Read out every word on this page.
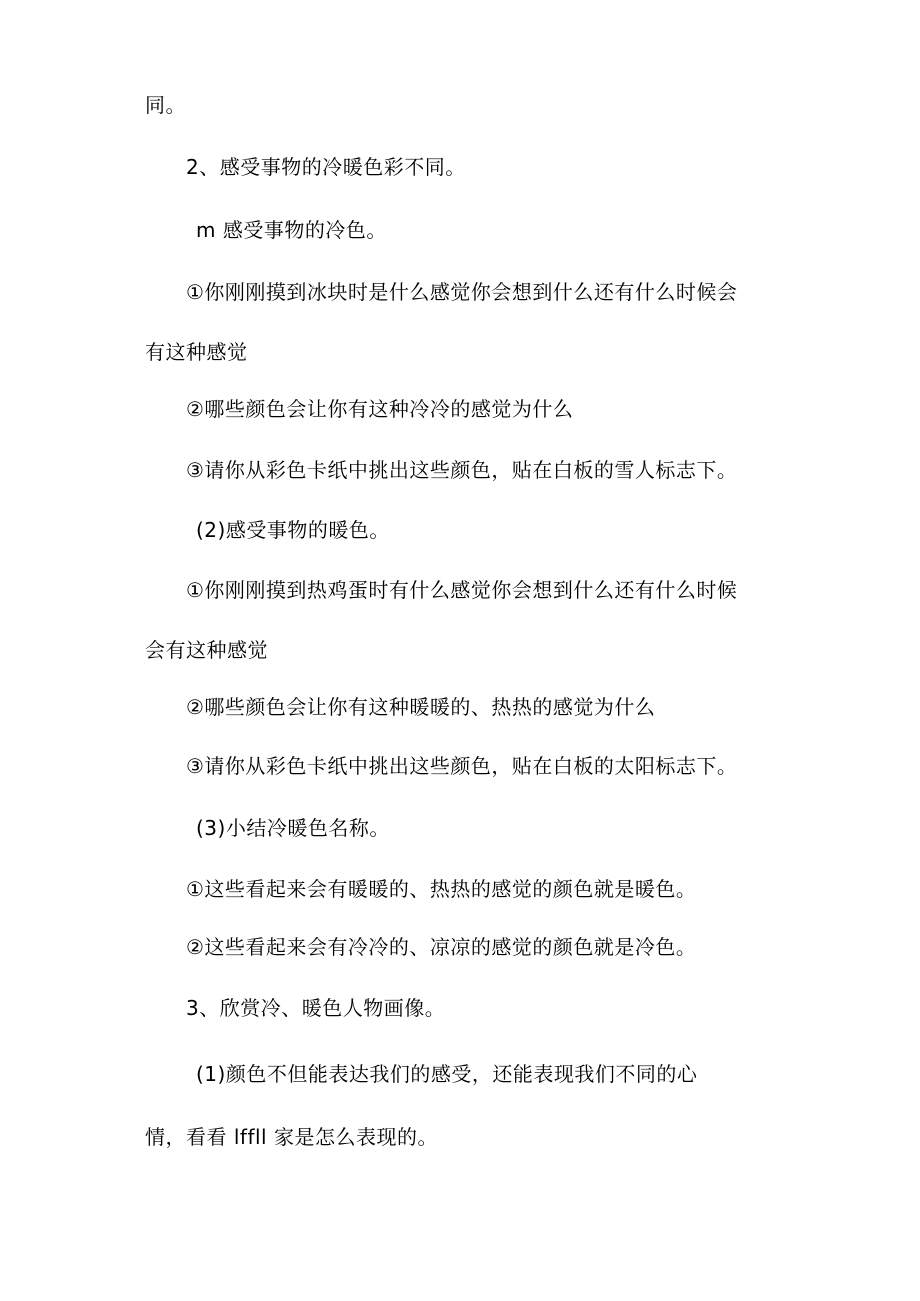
同。
2、感受事物的冷暖色彩不同。
m 感受事物的冷色。
①你刚刚摸到冰块时是什么感觉你会想到什么还有什么时候会
有这种感觉
②哪些颜色会让你有这种冷冷的感觉为什么
③请你从彩色卡纸中挑出这些颜色，贴在白板的雪人标志下。
(2)感受事物的暖色。
①你刚刚摸到热鸡蛋时有什么感觉你会想到什么还有什么时候
会有这种感觉
②哪些颜色会让你有这种暖暖的、热热的感觉为什么
③请你从彩色卡纸中挑出这些颜色，贴在白板的太阳标志下。
(3)小结冷暖色名称。
①这些看起来会有暖暖的、热热的感觉的颜色就是暖色。
②这些看起来会有冷冷的、凉凉的感觉的颜色就是冷色。
3、欣赏冷、暖色人物画像。
(1)颜色不但能表达我们的感受，还能表现我们不同的心
情，看看 lffll 家是怎么表现的。
